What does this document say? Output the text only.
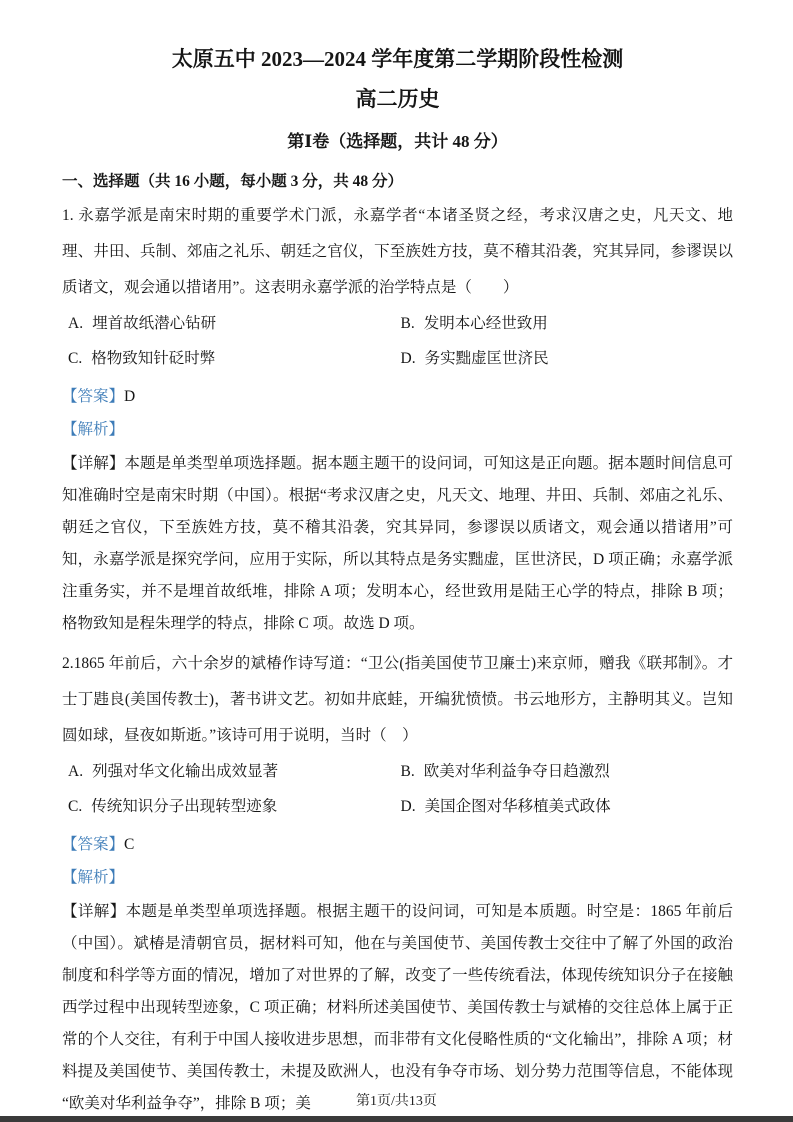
太原五中 2023—2024 学年度第二学期阶段性检测
高二历史
第Ⅰ卷（选择题，共计 48 分）
一、选择题（共 16 小题，每小题 3 分，共 48 分）

1. 永嘉学派是南宋时期的重要学术门派，永嘉学者“本诸圣贤之经，考求汉唐之史，凡天文、地理、井田、兵制、郊庙之礼乐、朝廷之官仪，下至族姓方技，莫不稽其沿袭，究其异同，参谬误以质诸文，观会通以措诸用”。这表明永嘉学派的治学特点是（　　）

A. 埋首故纸潜心钻研	B. 发明本心经世致用
C. 格物致知针砭时弊	D. 务实黜虚匡世济民

【答案】D

【解析】

【详解】本题是单类型单项选择题。据本题主题干的设问词，可知这是正向题。据本题时间信息可知准确时空是南宋时期（中国）。根据“考求汉唐之史，凡天文、地理、井田、兵制、郊庙之礼乐、朝廷之官仪，下至族姓方技，莫不稽其沿袭，究其异同，参谬误以质诸文，观会通以措诸用”可知，永嘉学派是探究学问，应用于实际，所以其特点是务实黜虚，匡世济民，D 项正确；永嘉学派注重务实，并不是埋首故纸堆，排除 A 项；发明本心，经世致用是陆王心学的特点，排除 B 项；格物致知是程朱理学的特点，排除 C 项。故选 D 项。

2.1865 年前后，六十余岁的斌椿作诗写道：“卫公(指美国使节卫廉士)来京师，赠我《联邦制》。才士丁韪良(美国传教士)，著书讲文艺。初如井底蛙，开编犹愤愤。书云地形方，主静明其义。岂知圆如球，昼夜如斯逝。”该诗可用于说明，当时（　）

A. 列强对华文化输出成效显著	B. 欧美对华利益争夺日趋激烈
C. 传统知识分子出现转型迹象	D. 美国企图对华移植美式政体

【答案】C

【解析】

【详解】本题是单类型单项选择题。根据主题干的设问词，可知是本质题。时空是：1865 年前后（中国）。斌椿是清朝官员，据材料可知，他在与美国使节、美国传教士交往中了解了外国的政治制度和科学等方面的情况，增加了对世界的了解，改变了一些传统看法，体现传统知识分子在接触西学过程中出现转型迹象，C 项正确；材料所述美国使节、美国传教士与斌椿的交往总体上属于正常的个人交往，有利于中国人接收进步思想，而非带有文化侵略性质的“文化输出”，排除 A 项；材料提及美国使节、美国传教士，未提及欧洲人，也没有争夺市场、划分势力范围等信息，不能体现“欧美对华利益争夺”，排除 B 项；美	第1页/共13页
